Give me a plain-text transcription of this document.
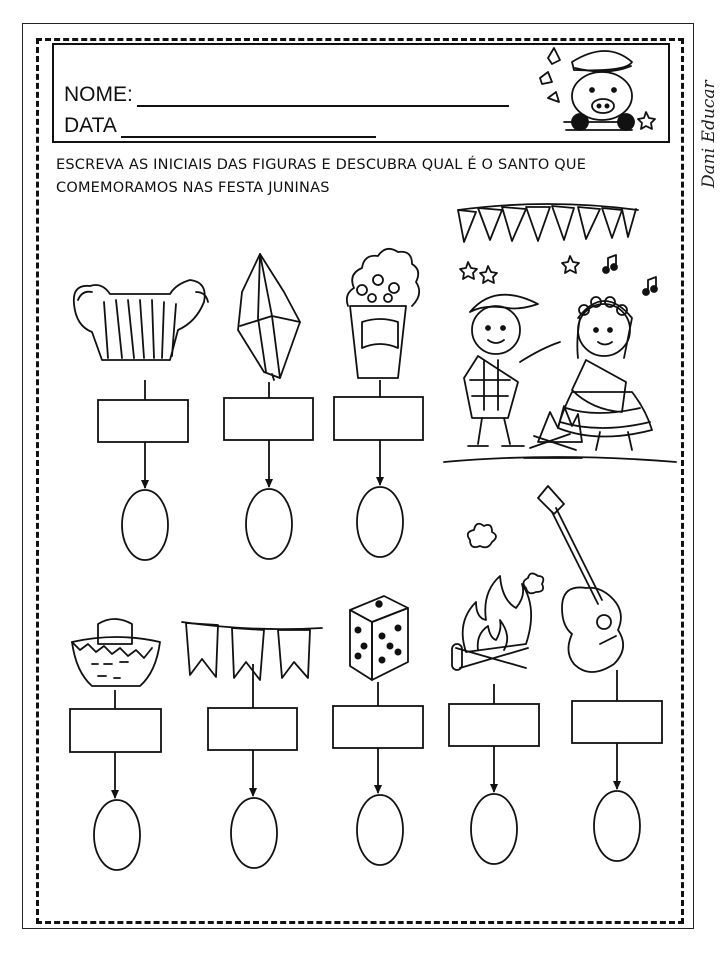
NOME:
DATA
ESCREVA AS INICIAIS DAS FIGURAS E DESCUBRA QUAL É O SANTO QUE COMEMORAMOS NAS FESTA JUNINAS	Dani Educar
